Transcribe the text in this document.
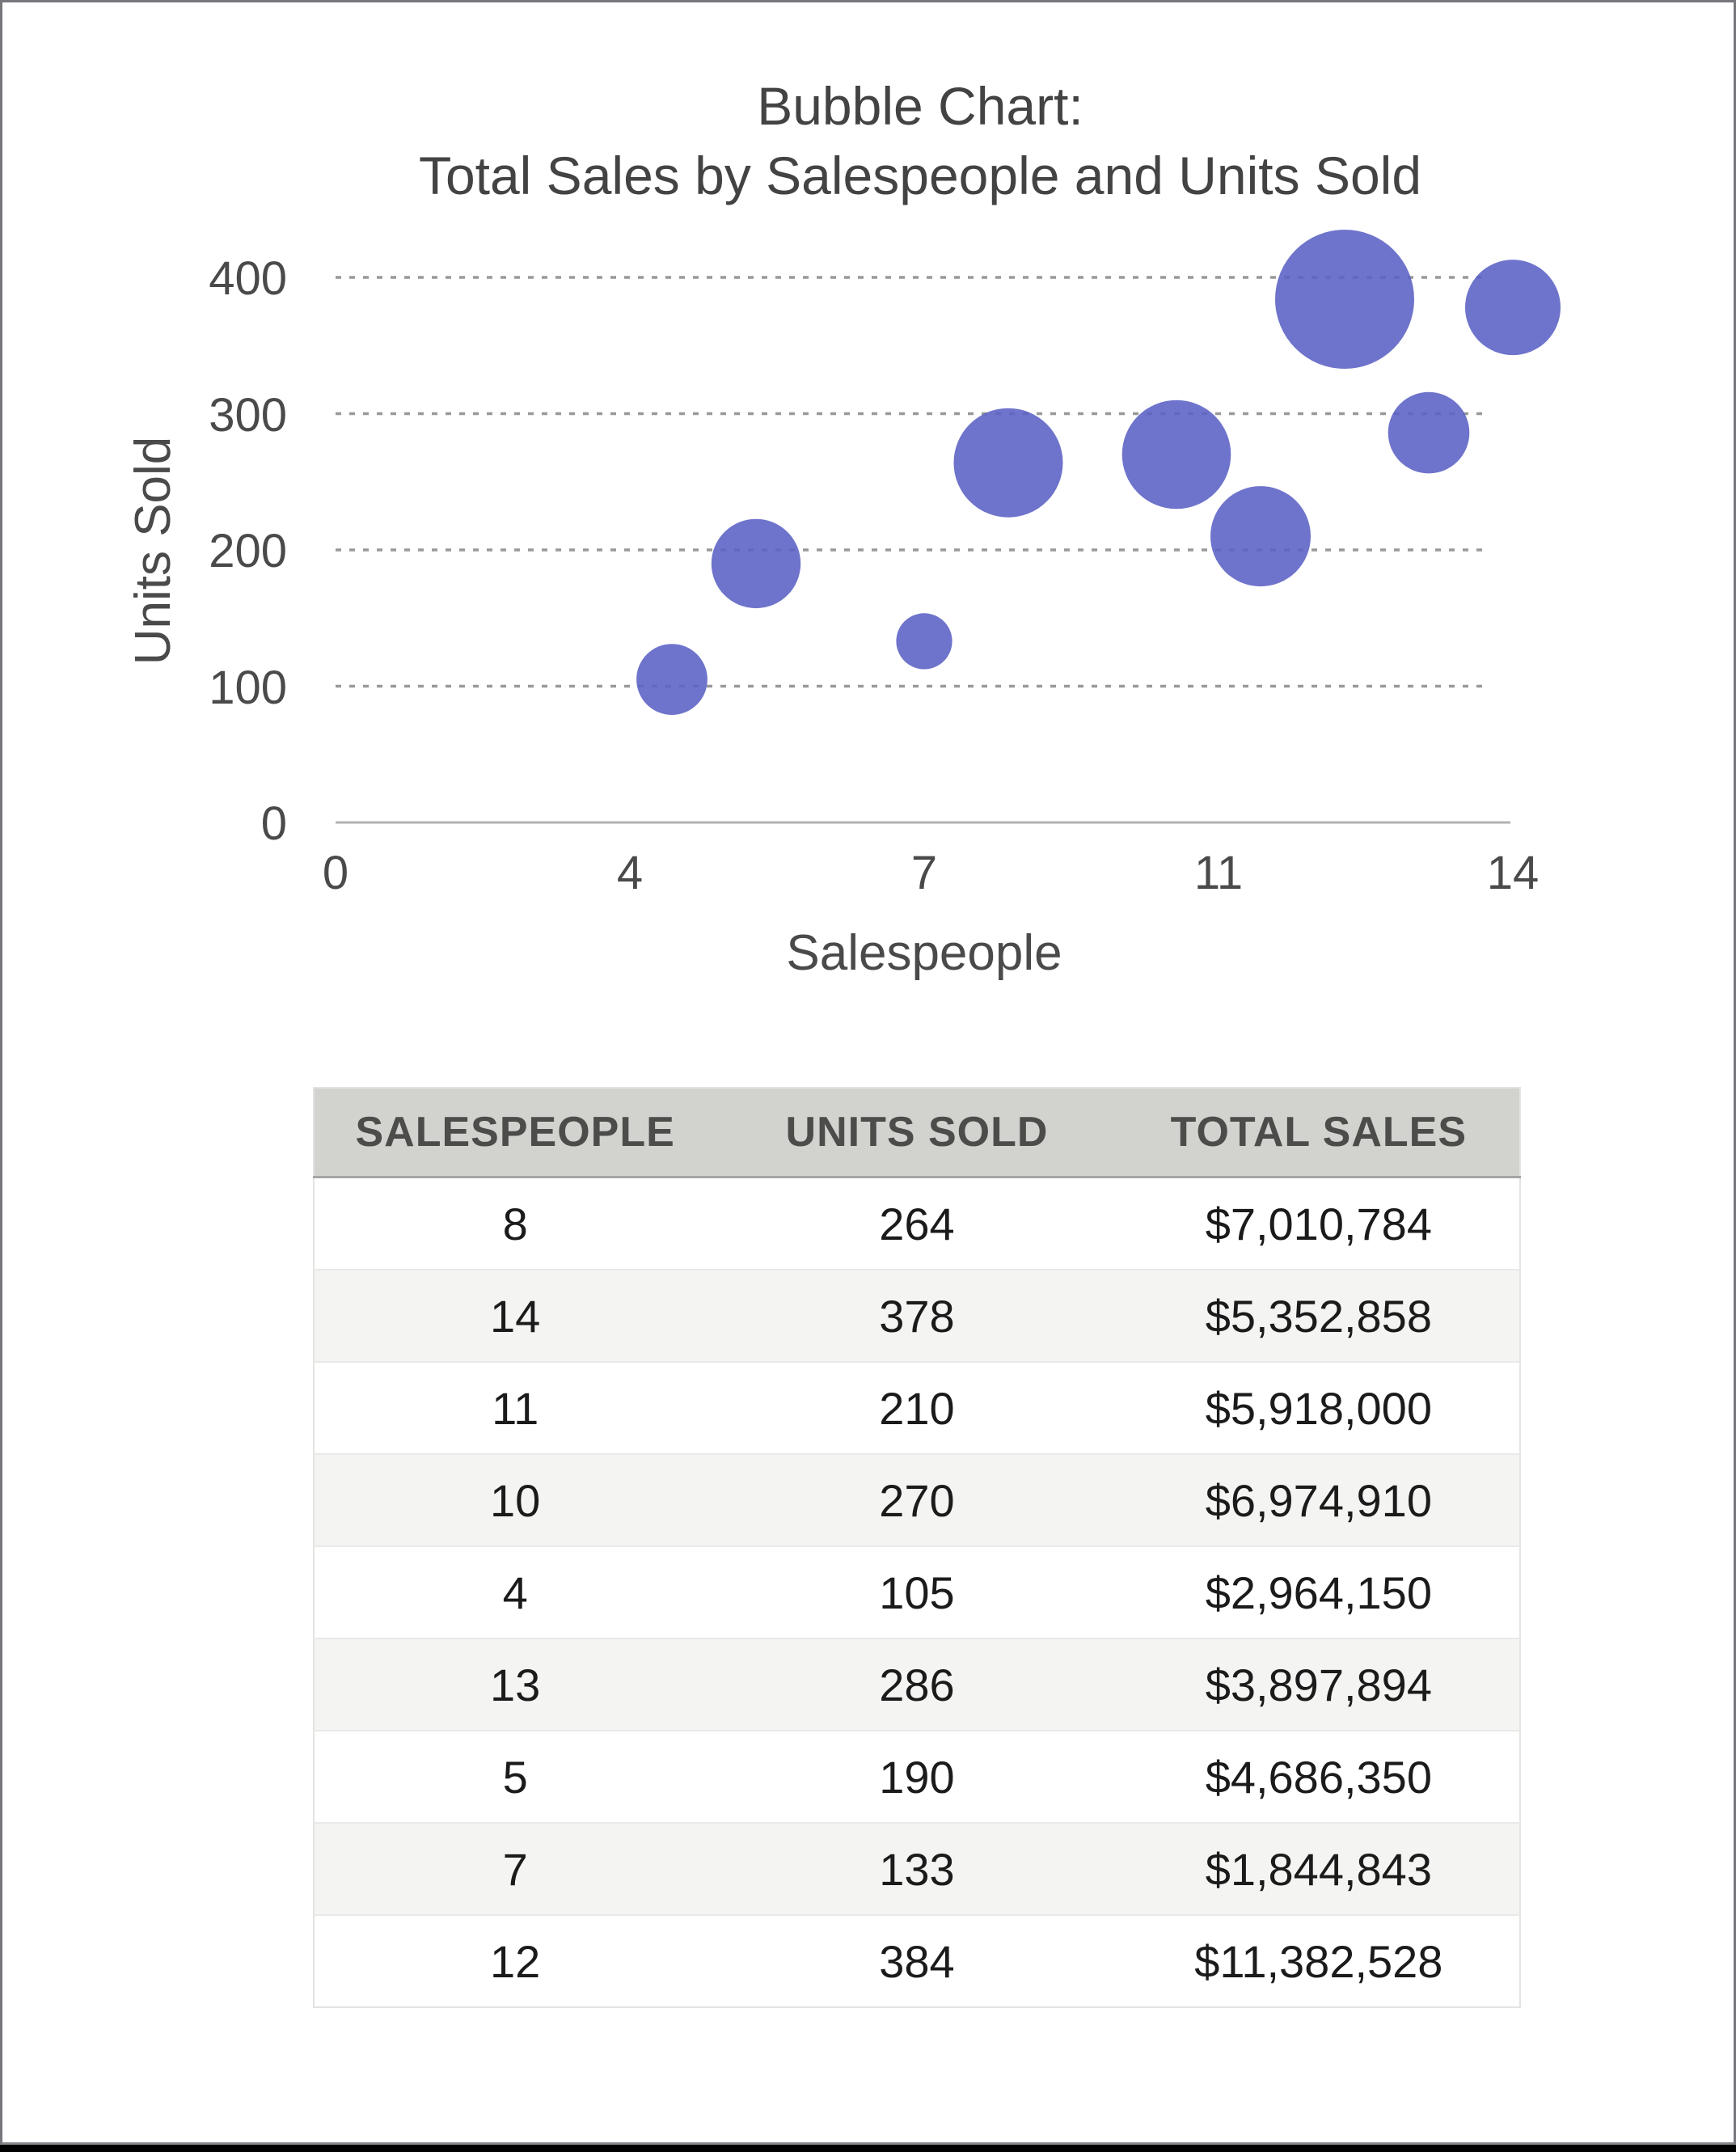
Bubble Chart:
Total Sales by Salespeople and Units Sold
Units Sold
400
300
200
100
0
0	4	7	11	14
Salespeople
SALESPEOPLE	UNITS SOLD	TOTAL SALES
8	264	$7,010,784
14	378	$5,352,858
11	210	$5,918,000
10	270	$6,974,910
4	105	$2,964,150
13	286	$3,897,894
5	190	$4,686,350
7	133	$1,844,843
12	384	$11,382,528
